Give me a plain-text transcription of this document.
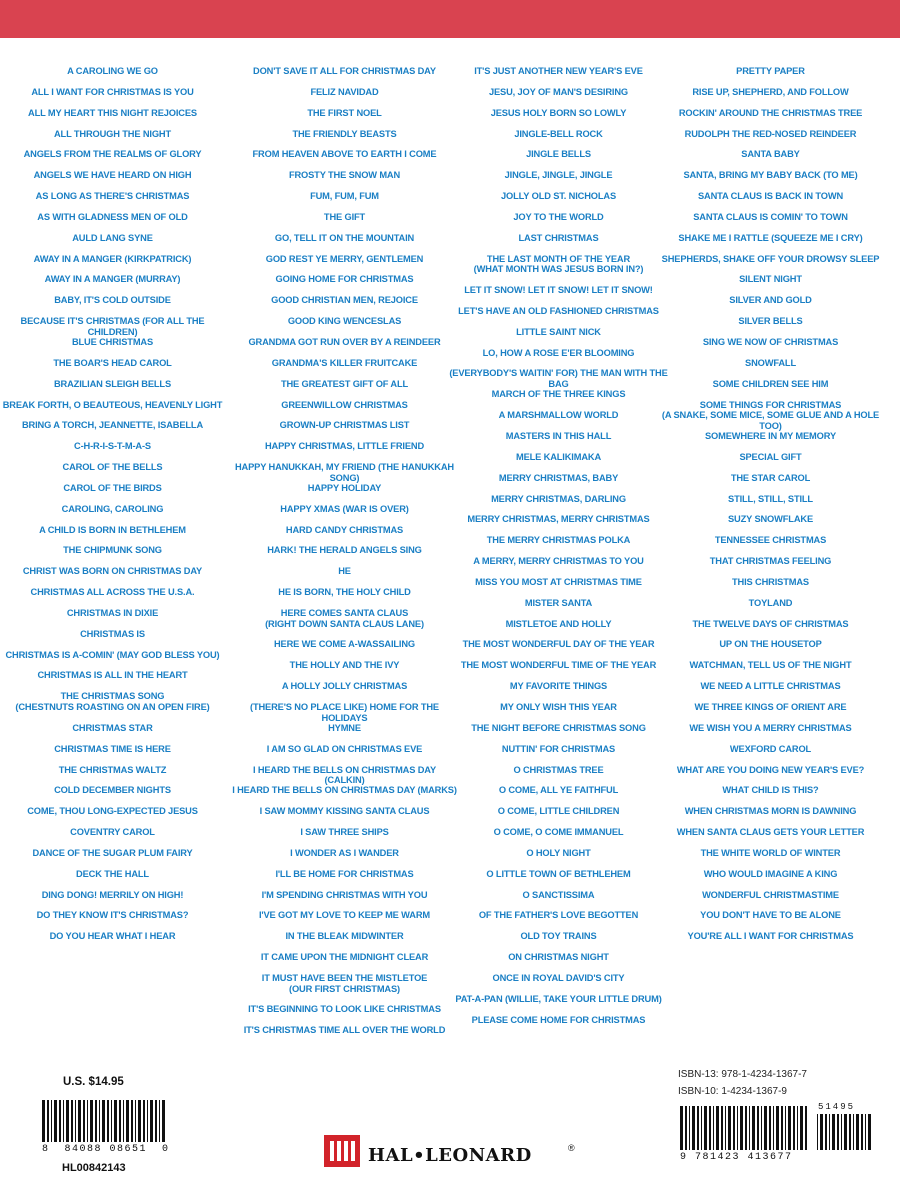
A CAROLING WE GO
ALL I WANT FOR CHRISTMAS IS YOU
ALL MY HEART THIS NIGHT REJOICES
ALL THROUGH THE NIGHT
ANGELS FROM THE REALMS OF GLORY
ANGELS WE HAVE HEARD ON HIGH
AS LONG AS THERE'S CHRISTMAS
AS WITH GLADNESS MEN OF OLD
AULD LANG SYNE
AWAY IN A MANGER (KIRKPATRICK)
AWAY IN A MANGER (MURRAY)
BABY, IT'S COLD OUTSIDE
BECAUSE IT'S CHRISTMAS (FOR ALL THE CHILDREN)
BLUE CHRISTMAS
THE BOAR'S HEAD CAROL
BRAZILIAN SLEIGH BELLS
BREAK FORTH, O BEAUTEOUS, HEAVENLY LIGHT
BRING A TORCH, JEANNETTE, ISABELLA
C-H-R-I-S-T-M-A-S
CAROL OF THE BELLS
CAROL OF THE BIRDS
CAROLING, CAROLING
A CHILD IS BORN IN BETHLEHEM
THE CHIPMUNK SONG
CHRIST WAS BORN ON CHRISTMAS DAY
CHRISTMAS ALL ACROSS THE U.S.A.
CHRISTMAS IN DIXIE
CHRISTMAS IS
CHRISTMAS IS A-COMIN' (MAY GOD BLESS YOU)
CHRISTMAS IS ALL IN THE HEART
THE CHRISTMAS SONG
(CHESTNUTS ROASTING ON AN OPEN FIRE)
CHRISTMAS STAR
CHRISTMAS TIME IS HERE
THE CHRISTMAS WALTZ
COLD DECEMBER NIGHTS
COME, THOU LONG-EXPECTED JESUS
COVENTRY CAROL
DANCE OF THE SUGAR PLUM FAIRY
DECK THE HALL
DING DONG! MERRILY ON HIGH!
DO THEY KNOW IT'S CHRISTMAS?
DO YOU HEAR WHAT I HEAR
DON'T SAVE IT ALL FOR CHRISTMAS DAY
FELIZ NAVIDAD
THE FIRST NOEL
THE FRIENDLY BEASTS
FROM HEAVEN ABOVE TO EARTH I COME
FROSTY THE SNOW MAN
FUM, FUM, FUM
THE GIFT
GO, TELL IT ON THE MOUNTAIN
GOD REST YE MERRY, GENTLEMEN
GOING HOME FOR CHRISTMAS
GOOD CHRISTIAN MEN, REJOICE
GOOD KING WENCESLAS
GRANDMA GOT RUN OVER BY A REINDEER
GRANDMA'S KILLER FRUITCAKE
THE GREATEST GIFT OF ALL
GREENWILLOW CHRISTMAS
GROWN-UP CHRISTMAS LIST
HAPPY CHRISTMAS, LITTLE FRIEND
HAPPY HANUKKAH, MY FRIEND (THE HANUKKAH SONG)
HAPPY HOLIDAY
HAPPY XMAS (WAR IS OVER)
HARD CANDY CHRISTMAS
HARK! THE HERALD ANGELS SING
HE
HE IS BORN, THE HOLY CHILD
HERE COMES SANTA CLAUS
(RIGHT DOWN SANTA CLAUS LANE)
HERE WE COME A-WASSAILING
THE HOLLY AND THE IVY
A HOLLY JOLLY CHRISTMAS
(THERE'S NO PLACE LIKE) HOME FOR THE HOLIDAYS
HYMNE
I AM SO GLAD ON CHRISTMAS EVE
I HEARD THE BELLS ON CHRISTMAS DAY (CALKIN)
I HEARD THE BELLS ON CHRISTMAS DAY (MARKS)
I SAW MOMMY KISSING SANTA CLAUS
I SAW THREE SHIPS
I WONDER AS I WANDER
I'LL BE HOME FOR CHRISTMAS
I'M SPENDING CHRISTMAS WITH YOU
I'VE GOT MY LOVE TO KEEP ME WARM
IN THE BLEAK MIDWINTER
IT CAME UPON THE MIDNIGHT CLEAR
IT MUST HAVE BEEN THE MISTLETOE
(OUR FIRST CHRISTMAS)
IT'S BEGINNING TO LOOK LIKE CHRISTMAS
IT'S CHRISTMAS TIME ALL OVER THE WORLD
IT'S JUST ANOTHER NEW YEAR'S EVE
JESU, JOY OF MAN'S DESIRING
JESUS HOLY BORN SO LOWLY
JINGLE-BELL ROCK
JINGLE BELLS
JINGLE, JINGLE, JINGLE
JOLLY OLD ST. NICHOLAS
JOY TO THE WORLD
LAST CHRISTMAS
THE LAST MONTH OF THE YEAR
(WHAT MONTH WAS JESUS BORN IN?)
LET IT SNOW! LET IT SNOW! LET IT SNOW!
LET'S HAVE AN OLD FASHIONED CHRISTMAS
LITTLE SAINT NICK
LO, HOW A ROSE E'ER BLOOMING
(EVERYBODY'S WAITIN' FOR) THE MAN WITH THE BAG
MARCH OF THE THREE KINGS
A MARSHMALLOW WORLD
MASTERS IN THIS HALL
MELE KALIKIMAKA
MERRY CHRISTMAS, BABY
MERRY CHRISTMAS, DARLING
MERRY CHRISTMAS, MERRY CHRISTMAS
THE MERRY CHRISTMAS POLKA
A MERRY, MERRY CHRISTMAS TO YOU
MISS YOU MOST AT CHRISTMAS TIME
MISTER SANTA
MISTLETOE AND HOLLY
THE MOST WONDERFUL DAY OF THE YEAR
THE MOST WONDERFUL TIME OF THE YEAR
MY FAVORITE THINGS
MY ONLY WISH THIS YEAR
THE NIGHT BEFORE CHRISTMAS SONG
NUTTIN' FOR CHRISTMAS
O CHRISTMAS TREE
O COME, ALL YE FAITHFUL
O COME, LITTLE CHILDREN
O COME, O COME IMMANUEL
O HOLY NIGHT
O LITTLE TOWN OF BETHLEHEM
O SANCTISSIMA
OF THE FATHER'S LOVE BEGOTTEN
OLD TOY TRAINS
ON CHRISTMAS NIGHT
ONCE IN ROYAL DAVID'S CITY
PAT-A-PAN (WILLIE, TAKE YOUR LITTLE DRUM)
PLEASE COME HOME FOR CHRISTMAS
PRETTY PAPER
RISE UP, SHEPHERD, AND FOLLOW
ROCKIN' AROUND THE CHRISTMAS TREE
RUDOLPH THE RED-NOSED REINDEER
SANTA BABY
SANTA, BRING MY BABY BACK (TO ME)
SANTA CLAUS IS BACK IN TOWN
SANTA CLAUS IS COMIN' TO TOWN
SHAKE ME I RATTLE (SQUEEZE ME I CRY)
SHEPHERDS, SHAKE OFF YOUR DROWSY SLEEP
SILENT NIGHT
SILVER AND GOLD
SILVER BELLS
SING WE NOW OF CHRISTMAS
SNOWFALL
SOME CHILDREN SEE HIM
SOME THINGS FOR CHRISTMAS
(A SNAKE, SOME MICE, SOME GLUE AND A HOLE TOO)
SOMEWHERE IN MY MEMORY
SPECIAL GIFT
THE STAR CAROL
STILL, STILL, STILL
SUZY SNOWFLAKE
TENNESSEE CHRISTMAS
THAT CHRISTMAS FEELING
THIS CHRISTMAS
TOYLAND
THE TWELVE DAYS OF CHRISTMAS
UP ON THE HOUSETOP
WATCHMAN, TELL US OF THE NIGHT
WE NEED A LITTLE CHRISTMAS
WE THREE KINGS OF ORIENT ARE
WE WISH YOU A MERRY CHRISTMAS
WEXFORD CAROL
WHAT ARE YOU DOING NEW YEAR'S EVE?
WHAT CHILD IS THIS?
WHEN CHRISTMAS MORN IS DAWNING
WHEN SANTA CLAUS GETS YOUR LETTER
THE WHITE WORLD OF WINTER
WHO WOULD IMAGINE A KING
WONDERFUL CHRISTMASTIME
YOU DON'T HAVE TO BE ALONE
YOU'RE ALL I WANT FOR CHRISTMAS
U.S. $14.95
8  84088 08651  0
HL00842143
HAL•LEONARD	®
ISBN-13: 978-1-4234-1367-7
ISBN-10: 1-4234-1367-9
9 781423 413677
51495
